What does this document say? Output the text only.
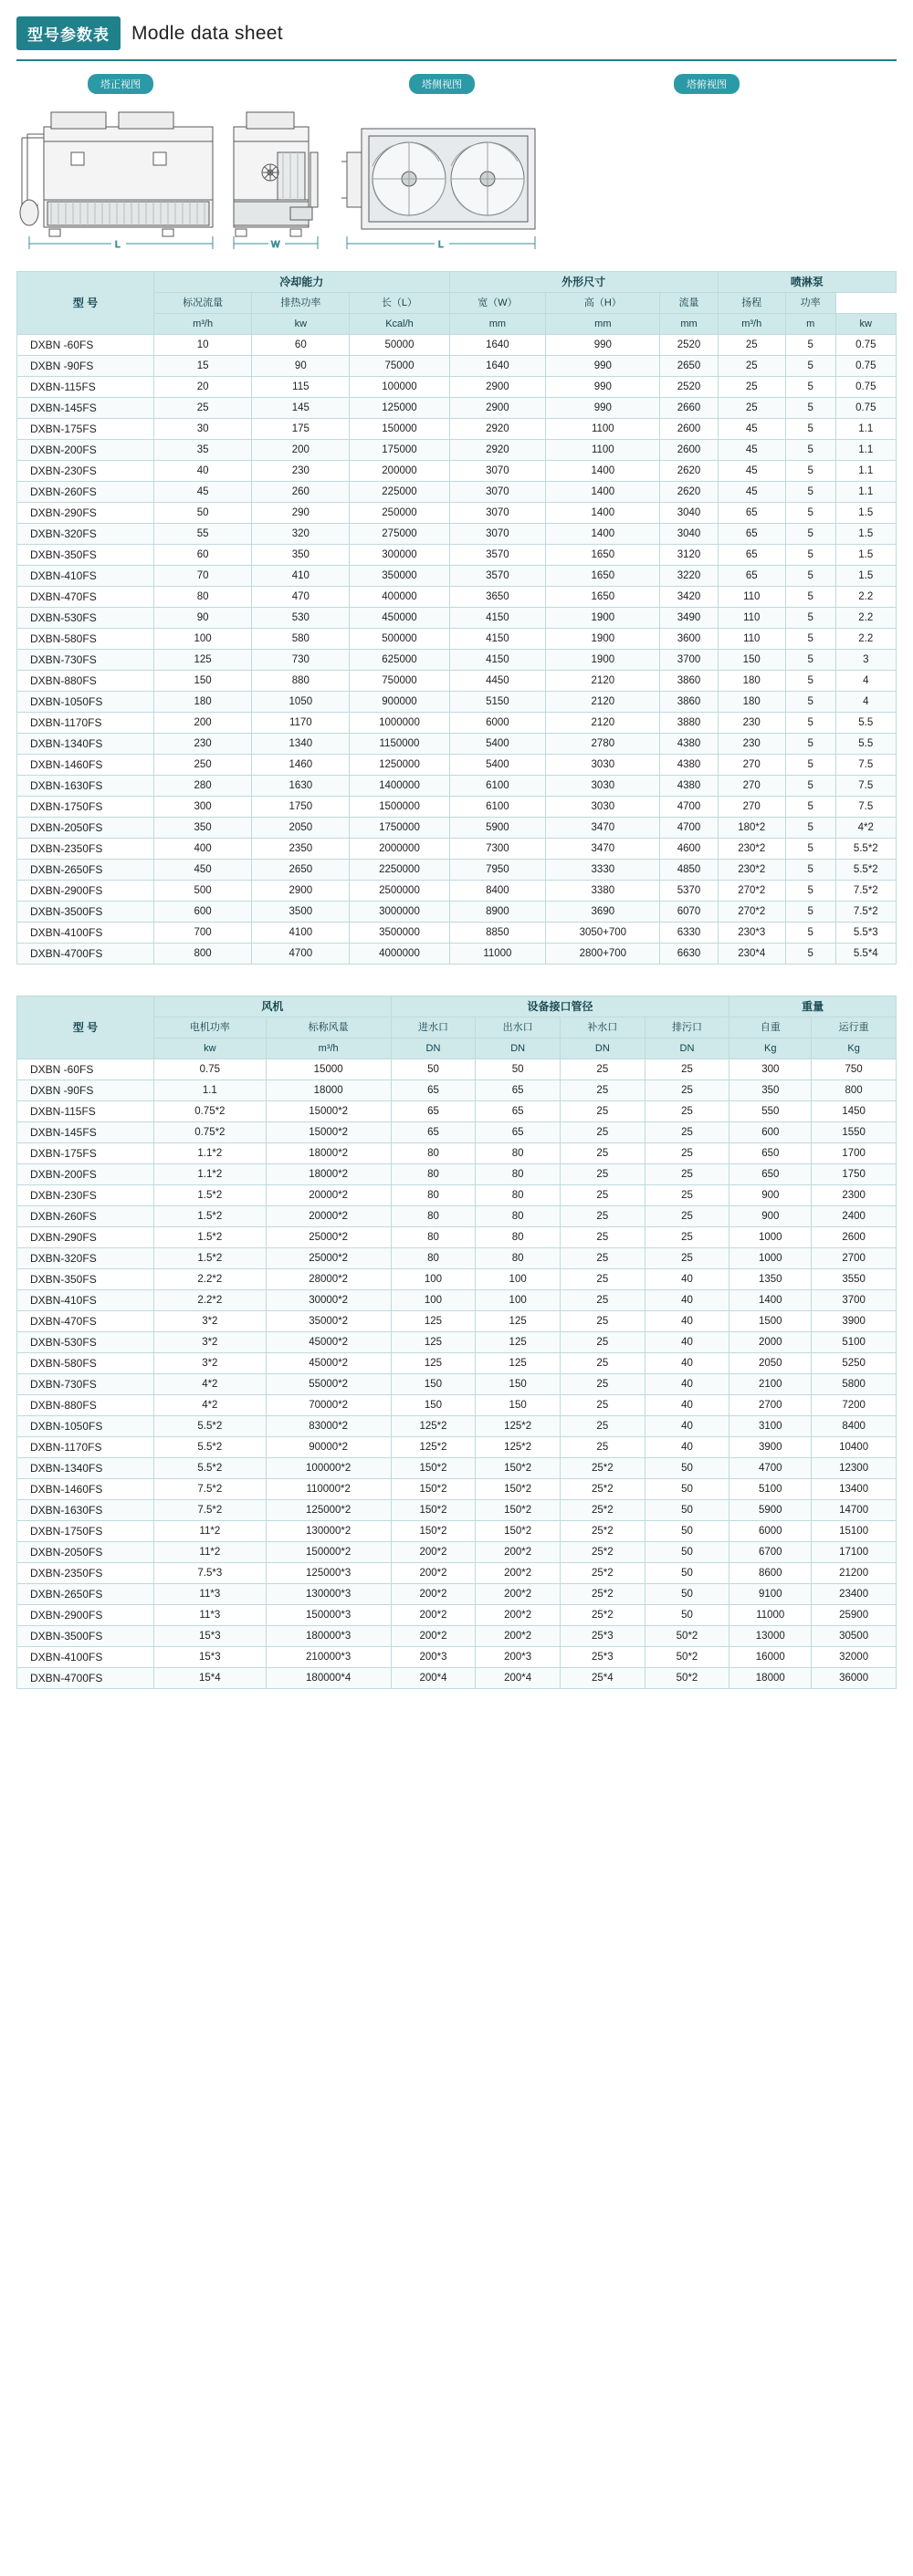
型号参数表	Modle data sheet
塔正视图	塔侧视图	塔俯视图
L	W	L
型 号	冷却能力			外形尺寸			喷淋泵		
	标况流量	排热功率	长（L）	宽（W）	高（H）	流量	扬程	功率
	m³/h	kw	Kcal/h	mm	mm	mm	m³/h	m	kw
DXBN -60FS	10	60	50000	1640	990	2520	25	5	0.75
DXBN -90FS	15	90	75000	1640	990	2650	25	5	0.75
DXBN-115FS	20	115	100000	2900	990	2520	25	5	0.75
DXBN-145FS	25	145	125000	2900	990	2660	25	5	0.75
DXBN-175FS	30	175	150000	2920	1100	2600	45	5	1.1
DXBN-200FS	35	200	175000	2920	1100	2600	45	5	1.1
DXBN-230FS	40	230	200000	3070	1400	2620	45	5	1.1
DXBN-260FS	45	260	225000	3070	1400	2620	45	5	1.1
DXBN-290FS	50	290	250000	3070	1400	3040	65	5	1.5
DXBN-320FS	55	320	275000	3070	1400	3040	65	5	1.5
DXBN-350FS	60	350	300000	3570	1650	3120	65	5	1.5
DXBN-410FS	70	410	350000	3570	1650	3220	65	5	1.5
DXBN-470FS	80	470	400000	3650	1650	3420	110	5	2.2
DXBN-530FS	90	530	450000	4150	1900	3490	110	5	2.2
DXBN-580FS	100	580	500000	4150	1900	3600	110	5	2.2
DXBN-730FS	125	730	625000	4150	1900	3700	150	5	3
DXBN-880FS	150	880	750000	4450	2120	3860	180	5	4
DXBN-1050FS	180	1050	900000	5150	2120	3860	180	5	4
DXBN-1170FS	200	1170	1000000	6000	2120	3880	230	5	5.5
DXBN-1340FS	230	1340	1150000	5400	2780	4380	230	5	5.5
DXBN-1460FS	250	1460	1250000	5400	3030	4380	270	5	7.5
DXBN-1630FS	280	1630	1400000	6100	3030	4380	270	5	7.5
DXBN-1750FS	300	1750	1500000	6100	3030	4700	270	5	7.5
DXBN-2050FS	350	2050	1750000	5900	3470	4700	180*2	5	4*2
DXBN-2350FS	400	2350	2000000	7300	3470	4600	230*2	5	5.5*2
DXBN-2650FS	450	2650	2250000	7950	3330	4850	230*2	5	5.5*2
DXBN-2900FS	500	2900	2500000	8400	3380	5370	270*2	5	7.5*2
DXBN-3500FS	600	3500	3000000	8900	3690	6070	270*2	5	7.5*2
DXBN-4100FS	700	4100	3500000	8850	3050+700	6330	230*3	5	5.5*3
DXBN-4700FS	800	4700	4000000	11000	2800+700	6630	230*4	5	5.5*4
型 号	风机		设备接口管径				重量	
	电机功率	标称风量	进水口	出水口	补水口	排污口	自重	运行重
	kw	m³/h	DN	DN	DN	DN	Kg	Kg
DXBN -60FS	0.75	15000	50	50	25	25	300	750
DXBN -90FS	1.1	18000	65	65	25	25	350	800
DXBN-115FS	0.75*2	15000*2	65	65	25	25	550	1450
DXBN-145FS	0.75*2	15000*2	65	65	25	25	600	1550
DXBN-175FS	1.1*2	18000*2	80	80	25	25	650	1700
DXBN-200FS	1.1*2	18000*2	80	80	25	25	650	1750
DXBN-230FS	1.5*2	20000*2	80	80	25	25	900	2300
DXBN-260FS	1.5*2	20000*2	80	80	25	25	900	2400
DXBN-290FS	1.5*2	25000*2	80	80	25	25	1000	2600
DXBN-320FS	1.5*2	25000*2	80	80	25	25	1000	2700
DXBN-350FS	2.2*2	28000*2	100	100	25	40	1350	3550
DXBN-410FS	2.2*2	30000*2	100	100	25	40	1400	3700
DXBN-470FS	3*2	35000*2	125	125	25	40	1500	3900
DXBN-530FS	3*2	45000*2	125	125	25	40	2000	5100
DXBN-580FS	3*2	45000*2	125	125	25	40	2050	5250
DXBN-730FS	4*2	55000*2	150	150	25	40	2100	5800
DXBN-880FS	4*2	70000*2	150	150	25	40	2700	7200
DXBN-1050FS	5.5*2	83000*2	125*2	125*2	25	40	3100	8400
DXBN-1170FS	5.5*2	90000*2	125*2	125*2	25	40	3900	10400
DXBN-1340FS	5.5*2	100000*2	150*2	150*2	25*2	50	4700	12300
DXBN-1460FS	7.5*2	110000*2	150*2	150*2	25*2	50	5100	13400
DXBN-1630FS	7.5*2	125000*2	150*2	150*2	25*2	50	5900	14700
DXBN-1750FS	11*2	130000*2	150*2	150*2	25*2	50	6000	15100
DXBN-2050FS	11*2	150000*2	200*2	200*2	25*2	50	6700	17100
DXBN-2350FS	7.5*3	125000*3	200*2	200*2	25*2	50	8600	21200
DXBN-2650FS	11*3	130000*3	200*2	200*2	25*2	50	9100	23400
DXBN-2900FS	11*3	150000*3	200*2	200*2	25*2	50	11000	25900
DXBN-3500FS	15*3	180000*3	200*2	200*2	25*3	50*2	13000	30500
DXBN-4100FS	15*3	210000*3	200*3	200*3	25*3	50*2	16000	32000
DXBN-4700FS	15*4	180000*4	200*4	200*4	25*4	50*2	18000	36000
